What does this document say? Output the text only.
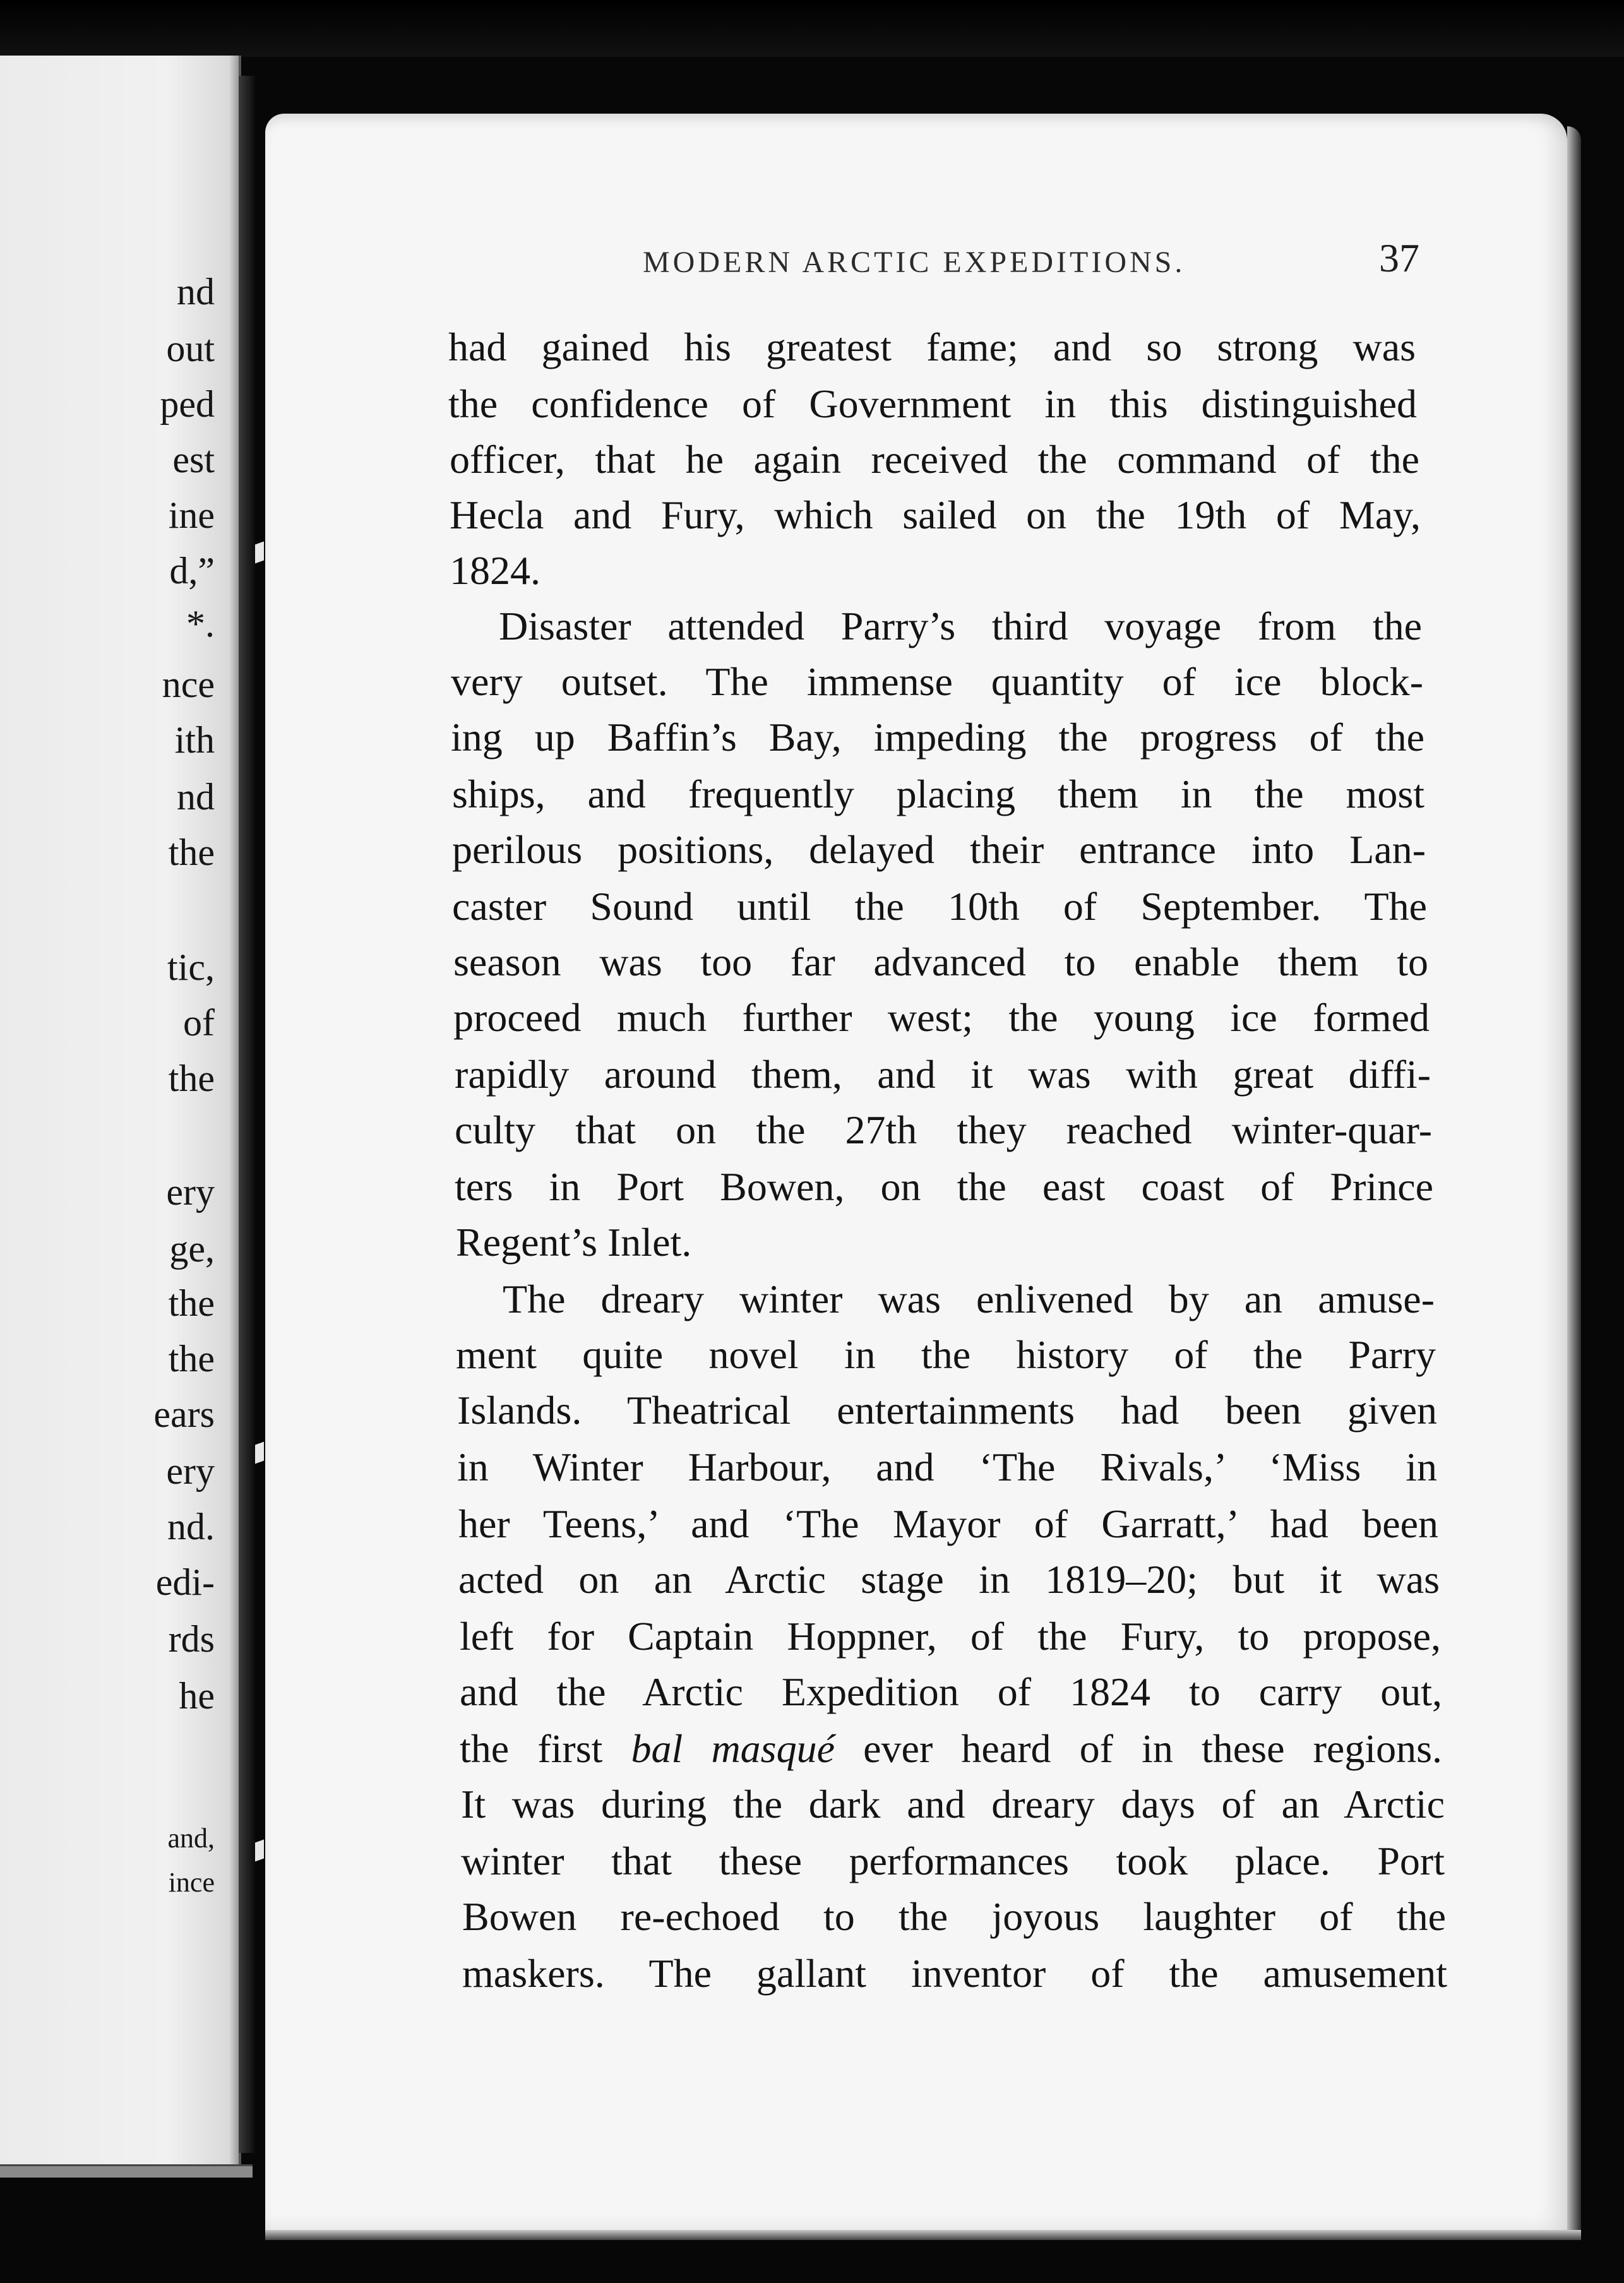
nd
out
ped
est
ine
d,”
*.
nce
ith
nd
the
tic,
of
the
ery
ge,
the
the
ears
ery
nd.
edi-
rds
he
and,
ince
MODERN ARCTIC EXPEDITIONS.	37
had gained his greatest fame; and so strong was
the confidence of Government in this distinguished
officer, that he again received the command of the
Hecla and Fury, which sailed on the 19th of May,
1824.
Disaster attended Parry’s third voyage from the
very outset. The immense quantity of ice block-
ing up Baffin’s Bay, impeding the progress of the
ships, and frequently placing them in the most
perilous positions, delayed their entrance into Lan-
caster Sound until the 10th of September. The
season was too far advanced to enable them to
proceed much further west; the young ice formed
rapidly around them, and it was with great diffi-
culty that on the 27th they reached winter-quar-
ters in Port Bowen, on the east coast of Prince
Regent’s Inlet.
The dreary winter was enlivened by an amuse-
ment quite novel in the history of the Parry
Islands. Theatrical entertainments had been given
in Winter Harbour, and ‘The Rivals,’ ‘Miss in
her Teens,’ and ‘The Mayor of Garratt,’ had been
acted on an Arctic stage in 1819–20; but it was
left for Captain Hoppner, of the Fury, to propose,
and the Arctic Expedition of 1824 to carry out,
the first bal masqué ever heard of in these regions.
It was during the dark and dreary days of an Arctic
winter that these performances took place. Port
Bowen re-echoed to the joyous laughter of the
maskers. The gallant inventor of the amusement
